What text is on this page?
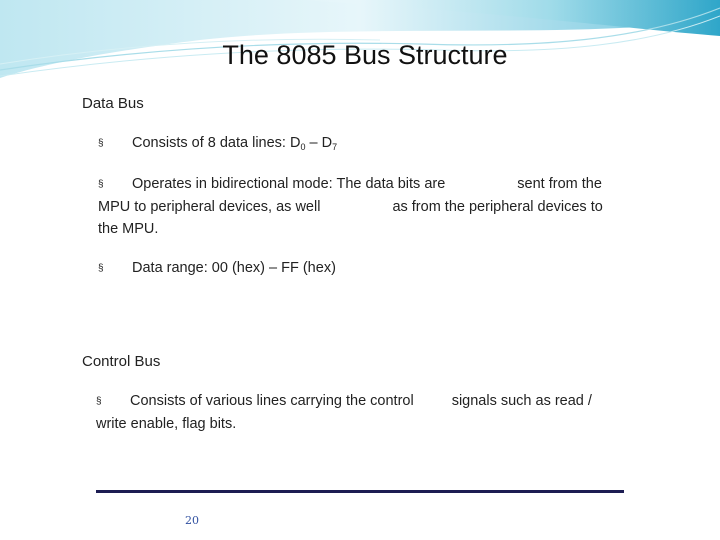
The 8085 Bus Structure
Data Bus
§ Consists of 8 data lines: $D_0 - D_7$
§ Operates in bidirectional mode: The data bits are	sent from the
MPU to peripheral devices, as well	as from the peripheral devices to
the MPU.
§ Data range: 00 (hex) – FF (hex)
Control Bus
§ Consists of various lines carrying the control	signals such as read /
write enable, flag bits.
20
